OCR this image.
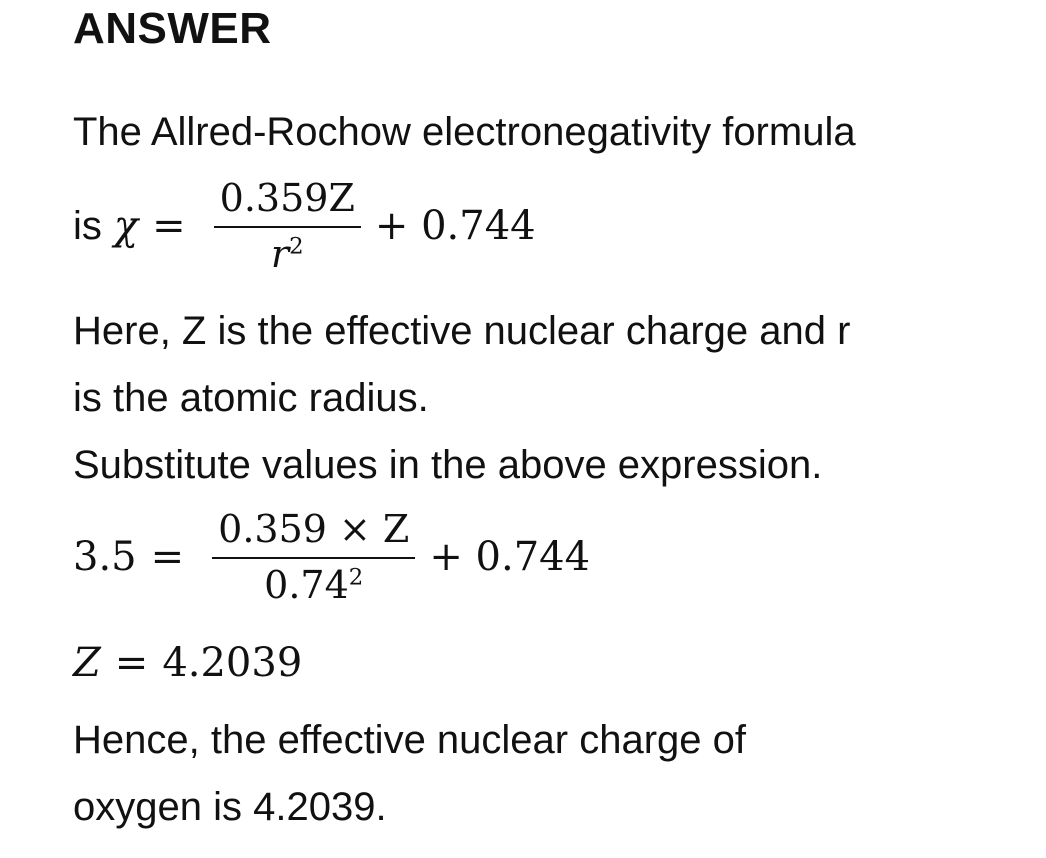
ANSWER
The Allred-Rochow electronegativity formula
is $\chi = \frac{0.359Z}{r^2} + 0.744$
Here, Z is the effective nuclear charge and r
is the atomic radius.
Substitute values in the above expression.
$3.5 = \frac{0.359 \times Z}{0.74^2} + 0.744$
Z = 4.2039
Hence, the effective nuclear charge of
oxygen is 4.2039.
